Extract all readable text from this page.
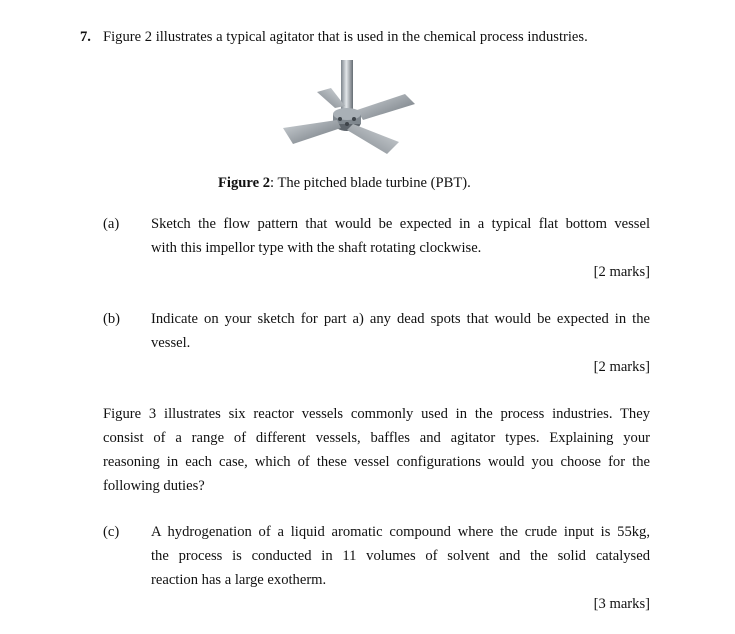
7. Figure 2 illustrates a typical agitator that is used in the chemical process industries.
Figure 2: The pitched blade turbine (PBT).
(a) Sketch the flow pattern that would be expected in a typical flat bottom vessel
with this impellor type with the shaft rotating clockwise.
[2 marks]
(b) Indicate on your sketch for part a) any dead spots that would be expected in the
vessel.
[2 marks]
Figure 3 illustrates six reactor vessels commonly used in the process industries. They
consist of a range of different vessels, baffles and agitator types. Explaining your
reasoning in each case, which of these vessel configurations would you choose for the
following duties?
(c) A hydrogenation of a liquid aromatic compound where the crude input is 55kg,
the process is conducted in 11 volumes of solvent and the solid catalysed
reaction has a large exotherm.
[3 marks]
